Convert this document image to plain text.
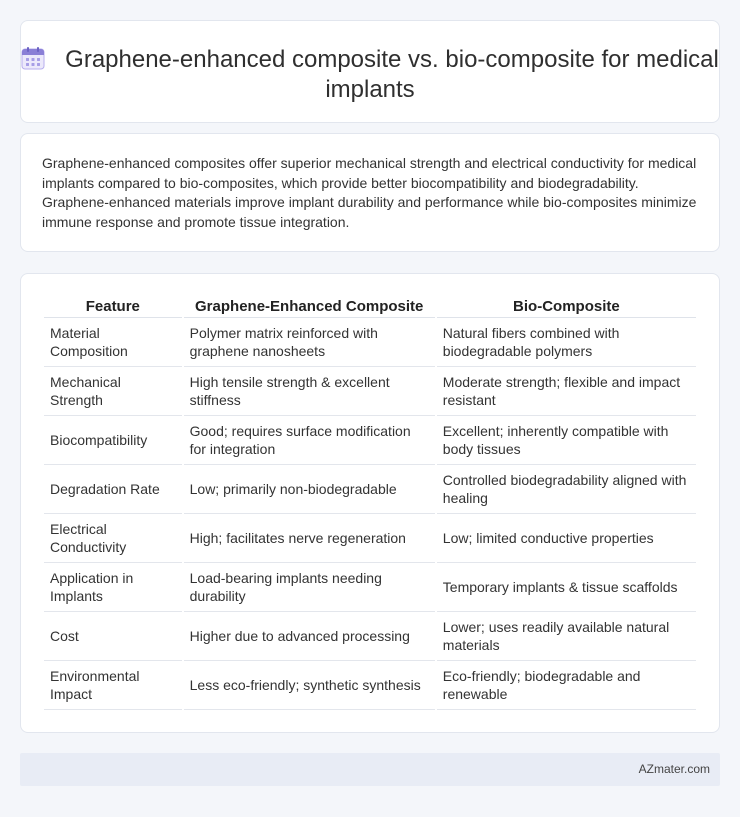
Graphene-enhanced composite vs. bio-composite for medical implants

Graphene-enhanced composites offer superior mechanical strength and electrical conductivity for medical implants compared to bio-composites, which provide better biocompatibility and biodegradability. Graphene-enhanced materials improve implant durability and performance while bio-composites minimize immune response and promote tissue integration.

Feature	Graphene-Enhanced Composite	Bio-Composite
Material Composition	Polymer matrix reinforced with graphene nanosheets	Natural fibers combined with biodegradable polymers
Mechanical Strength	High tensile strength & excellent stiffness	Moderate strength; flexible and impact resistant
Biocompatibility	Good; requires surface modification for integration	Excellent; inherently compatible with body tissues
Degradation Rate	Low; primarily non-biodegradable	Controlled biodegradability aligned with healing
Electrical Conductivity	High; facilitates nerve regeneration	Low; limited conductive properties
Application in Implants	Load-bearing implants needing durability	Temporary implants & tissue scaffolds
Cost	Higher due to advanced processing	Lower; uses readily available natural materials
Environmental Impact	Less eco-friendly; synthetic synthesis	Eco-friendly; biodegradable and renewable
AZmater.com
